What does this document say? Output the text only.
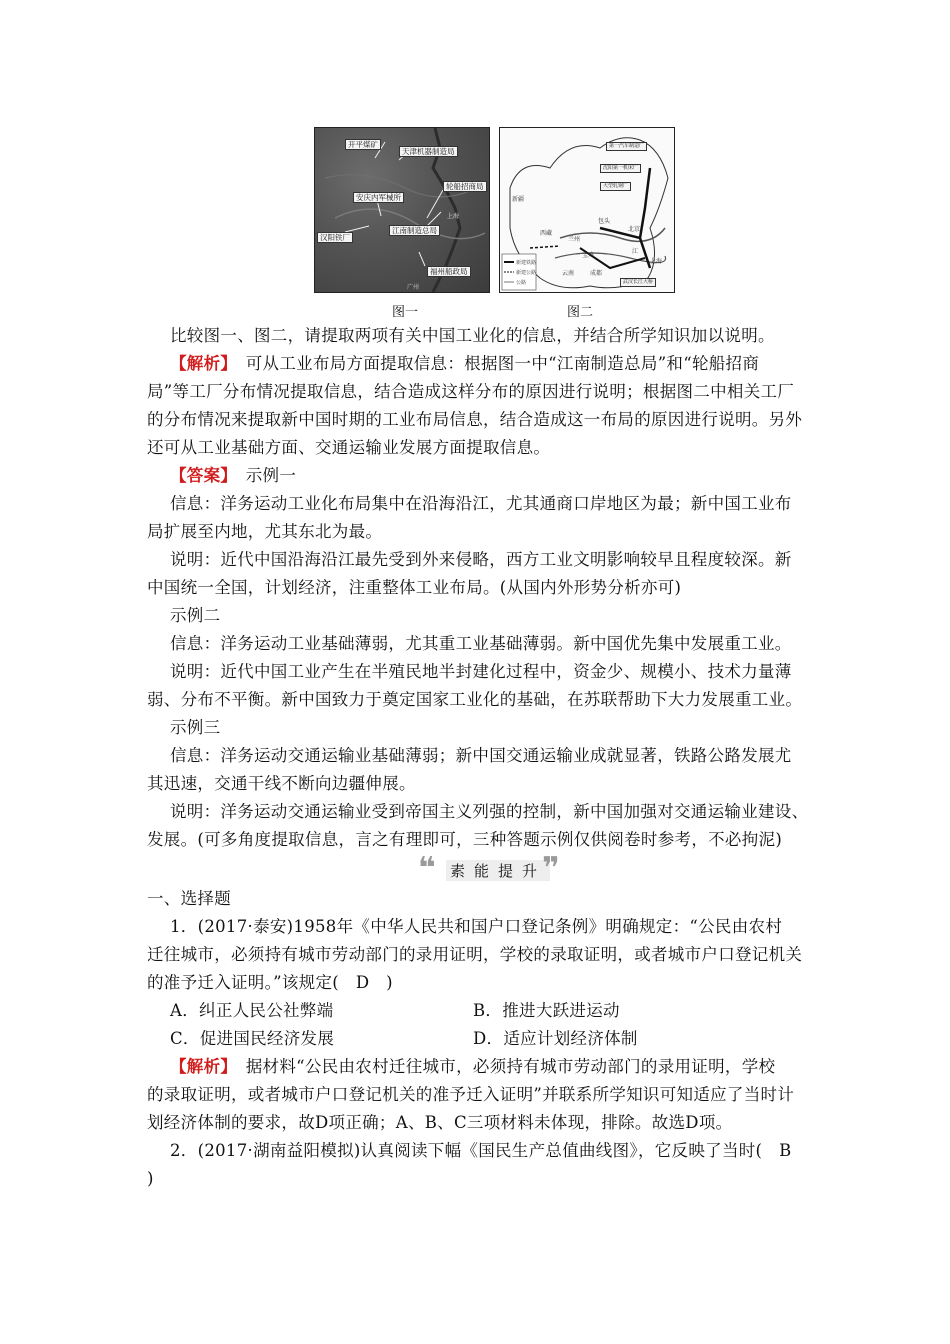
开平煤矿
天津机器制造局
轮船招商局
安庆内军械所
上海
汉阳铁厂
江南制造总局
福州船政局
广州
图一
第一汽车制造厂
沈阳第一机床厂
大型轧钢厂
上海
武汉长江大桥
北京
包头
兰州
成都
江
新疆
西藏
云南
宝鸡
新建铁路
新建公路
公路
图二
比较图一、图二，请提取两项有关中国工业化的信息，并结合所学知识加以说明。
【解析】　可从工业布局方面提取信息：根据图一中“江南制造总局”和“轮船招商
局”等工厂分布情况提取信息，结合造成这样分布的原因进行说明；根据图二中相关工厂
的分布情况来提取新中国时期的工业布局信息，结合造成这一布局的原因进行说明。另外
还可从工业基础方面、交通运输业发展方面提取信息。
【答案】　示例一
信息：洋务运动工业化布局集中在沿海沿江，尤其通商口岸地区为最；新中国工业布
局扩展至内地，尤其东北为最。
说明：近代中国沿海沿江最先受到外来侵略，西方工业文明影响较早且程度较深。新
中国统一全国，计划经济，注重整体工业布局。(从国内外形势分析亦可)
示例二
信息：洋务运动工业基础薄弱，尤其重工业基础薄弱。新中国优先集中发展重工业。
说明：近代中国工业产生在半殖民地半封建化过程中，资金少、规模小、技术力量薄
弱、分布不平衡。新中国致力于奠定国家工业化的基础，在苏联帮助下大力发展重工业。
示例三
信息：洋务运动交通运输业基础薄弱；新中国交通运输业成就显著，铁路公路发展尤
其迅速，交通干线不断向边疆伸展。
说明：洋务运动交通运输业受到帝国主义列强的控制，新中国加强对交通运输业建设、
发展。(可多角度提取信息，言之有理即可，三种答题示例仅供阅卷时参考，不必拘泥)
❝ 素能提升
❞
一、选择题
1．(2017·泰安)1958年《中华人民共和国户口登记条例》明确规定：“公民由农村
迁往城市，必须持有城市劳动部门的录用证明，学校的录取证明，或者城市户口登记机关
的准予迁入证明。”该规定(　D　)
A．纠正人民公社弊端	B．推进大跃进运动
C．促进国民经济发展	D．适应计划经济体制
【解析】　据材料“公民由农村迁往城市，必须持有城市劳动部门的录用证明，学校
的录取证明，或者城市户口登记机关的准予迁入证明”并联系所学知识可知适应了当时计
划经济体制的要求，故D项正确；A、B、C三项材料未体现，排除。故选D项。
2．(2017·湖南益阳模拟)认真阅读下幅《国民生产总值曲线图》，它反映了当时(　B
)
